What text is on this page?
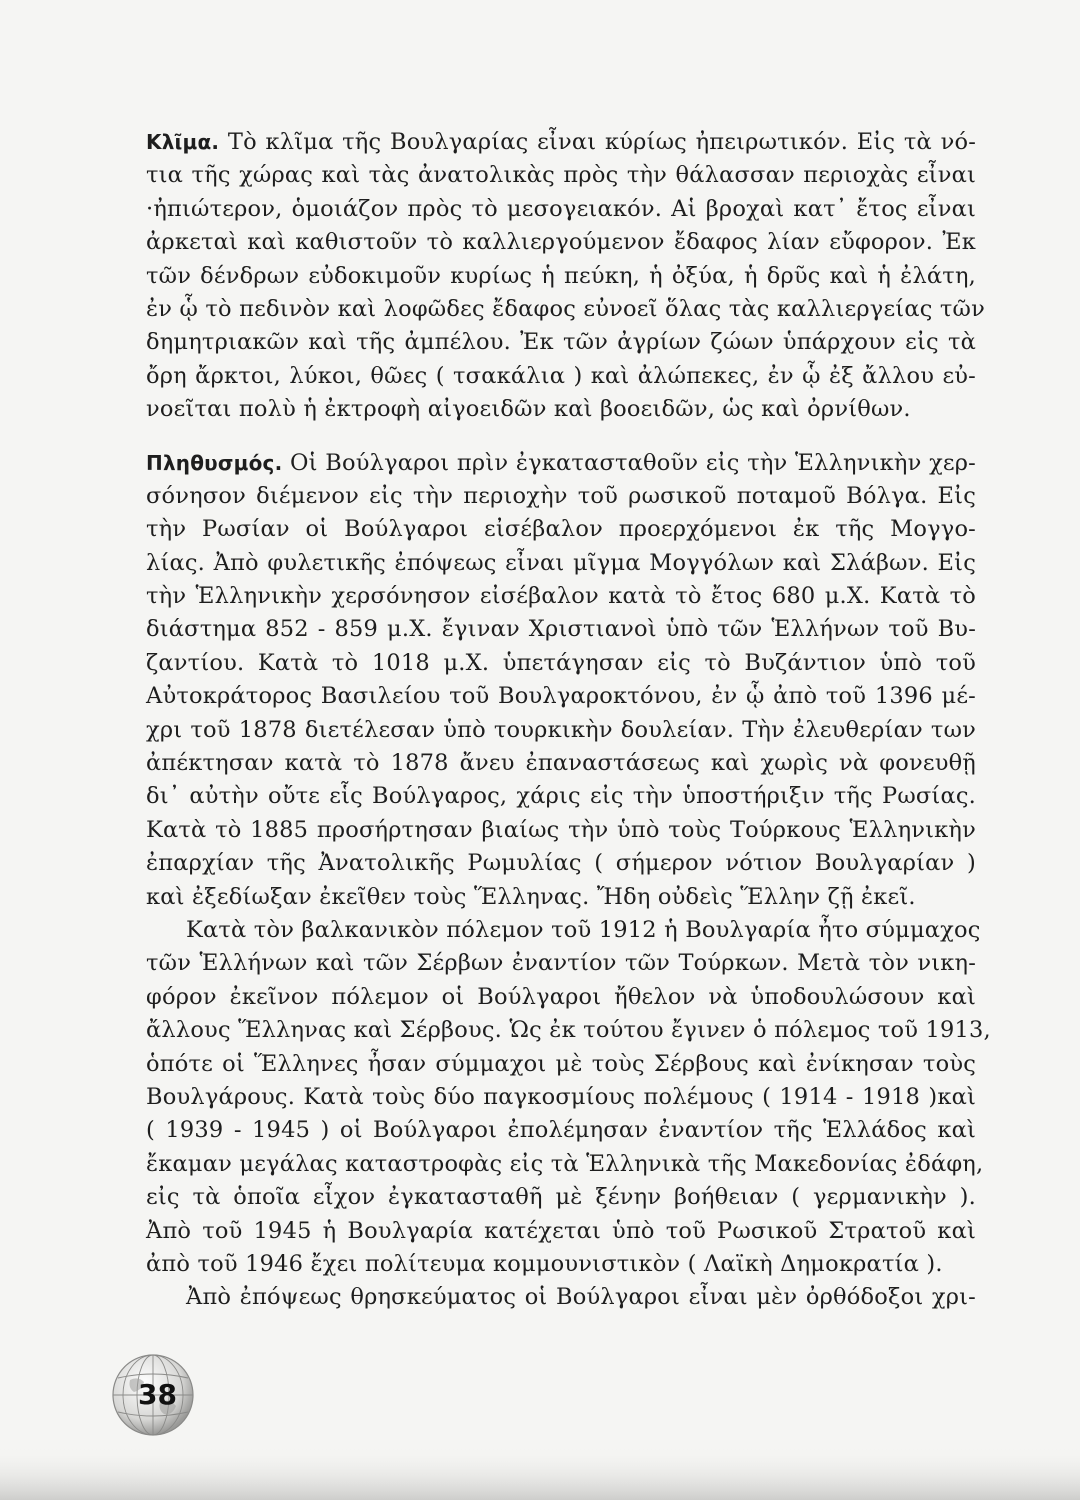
Κλῖμα. Τὸ κλῖμα τῆς Βουλγαρίας εἶναι κύρίως ἠπειρωτικόν. Εἰς τὰ νό-
τια τῆς χώρας καὶ τὰς ἀνατολικὰς πρὸς τὴν θάλασσαν περιοχὰς εἶναι
·ἠπιώτερον, ὁμοιάζον πρὸς τὸ μεσογειακόν. Αἱ βροχαὶ κατ᾽ ἔτος εἶναι
ἀρκεταὶ καὶ καθιστοῦν τὸ καλλιεργούμενον ἔδαφος λίαν εὔφορον. Ἐκ
τῶν δένδρων εὐδοκιμοῦν κυρίως ἡ πεύκη, ἡ ὀξύα, ἡ δρῦς καὶ ἡ ἐλάτη,
ἐν ᾧ τὸ πεδινὸν καὶ λοφῶδες ἔδαφος εὐνοεῖ ὅλας τὰς καλλιεργείας τῶν
δημητριακῶν καὶ τῆς ἀμπέλου. Ἐκ τῶν ἀγρίων ζώων ὑπάρχουν εἰς τὰ
ὄρη ἄρκτοι, λύκοι, θῶες ( τσακάλια ) καὶ ἀλώπεκες, ἐν ᾧ ἐξ ἄλλου εὐ-
νοεῖται πολὺ ἡ ἐκτροφὴ αἰγοειδῶν καὶ βοοειδῶν, ὡς καὶ ὀρνίθων.
Πληθυσμός. Οἱ Βούλγαροι πρὶν ἐγκατασταθοῦν εἰς τὴν Ἑλληνικὴν χερ-
σόνησον διέμενον εἰς τὴν περιοχὴν τοῦ ρωσικοῦ ποταμοῦ Βόλγα. Εἰς
τὴν Ρωσίαν οἱ Βούλγαροι εἰσέβαλον προερχόμενοι ἐκ τῆς Μογγο-
λίας. Ἀπὸ φυλετικῆς ἐπόψεως εἶναι μῖγμα Μογγόλων καὶ Σλάβων. Εἰς
τὴν Ἑλληνικὴν χερσόνησον εἰσέβαλον κατὰ τὸ ἔτος 680 μ.Χ. Κατὰ τὸ
διάστημα 852 - 859 μ.Χ. ἔγιναν Χριστιανοὶ ὑπὸ τῶν Ἑλλήνων τοῦ Βυ-
ζαντίου. Κατὰ τὸ 1018 μ.Χ. ὑπετάγησαν εἰς τὸ Βυζάντιον ὑπὸ τοῦ
Αὐτοκράτορος Βασιλείου τοῦ Βουλγαροκτόνου, ἐν ᾧ ἀπὸ τοῦ 1396 μέ-
χρι τοῦ 1878 διετέλεσαν ὑπὸ τουρκικὴν δουλείαν. Τὴν ἐλευθερίαν των
ἀπέκτησαν κατὰ τὸ 1878 ἄνευ ἐπαναστάσεως καὶ χωρὶς νὰ φονευθῇ
δι᾽ αὐτὴν οὔτε εἷς Βούλγαρος, χάρις εἰς τὴν ὑποστήριξιν τῆς Ρωσίας.
Κατὰ τὸ 1885 προσήρτησαν βιαίως τὴν ὑπὸ τοὺς Τούρκους Ἑλληνικὴν
ἐπαρχίαν τῆς Ἀνατολικῆς Ρωμυλίας ( σήμερον νότιον Βουλγαρίαν )
καὶ ἐξεδίωξαν ἐκεῖθεν τοὺς Ἕλληνας. Ἤδη οὐδεὶς Ἕλλην ζῇ ἐκεῖ.
Κατὰ τὸν βαλκανικὸν πόλεμον τοῦ 1912 ἡ Βουλγαρία ἦτο σύμμαχος
τῶν Ἑλλήνων καὶ τῶν Σέρβων ἐναντίον τῶν Τούρκων. Μετὰ τὸν νικη-
φόρον ἐκεῖνον πόλεμον οἱ Βούλγαροι ἤθελον νὰ ὑποδουλώσουν καὶ
ἄλλους Ἕλληνας καὶ Σέρβους. Ὡς ἐκ τούτου ἔγινεν ὁ πόλεμος τοῦ 1913,
ὁπότε οἱ Ἕλληνες ἦσαν σύμμαχοι μὲ τοὺς Σέρβους καὶ ἐνίκησαν τοὺς
Βουλγάρους. Κατὰ τοὺς δύο παγκοσμίους πολέμους ( 1914 - 1918 )καὶ
( 1939 - 1945 ) οἱ Βούλγαροι ἐπολέμησαν ἐναντίον τῆς Ἑλλάδος καὶ
ἔκαμαν μεγάλας καταστροφὰς εἰς τὰ Ἑλληνικὰ τῆς Μακεδονίας ἐδάφη,
εἰς τὰ ὁποῖα εἶχον ἐγκατασταθῆ μὲ ξένην βοήθειαν ( γερμανικὴν ).
Ἀπὸ τοῦ 1945 ἡ Βουλγαρία κατέχεται ὑπὸ τοῦ Ρωσικοῦ Στρατοῦ καὶ
ἀπὸ τοῦ 1946 ἔχει πολίτευμα κομμουνιστικὸν ( Λαϊκὴ Δημοκρατία ).
Ἀπὸ ἐπόψεως θρησκεύματος οἱ Βούλγαροι εἶναι μὲν ὀρθόδοξοι χρι-
38
